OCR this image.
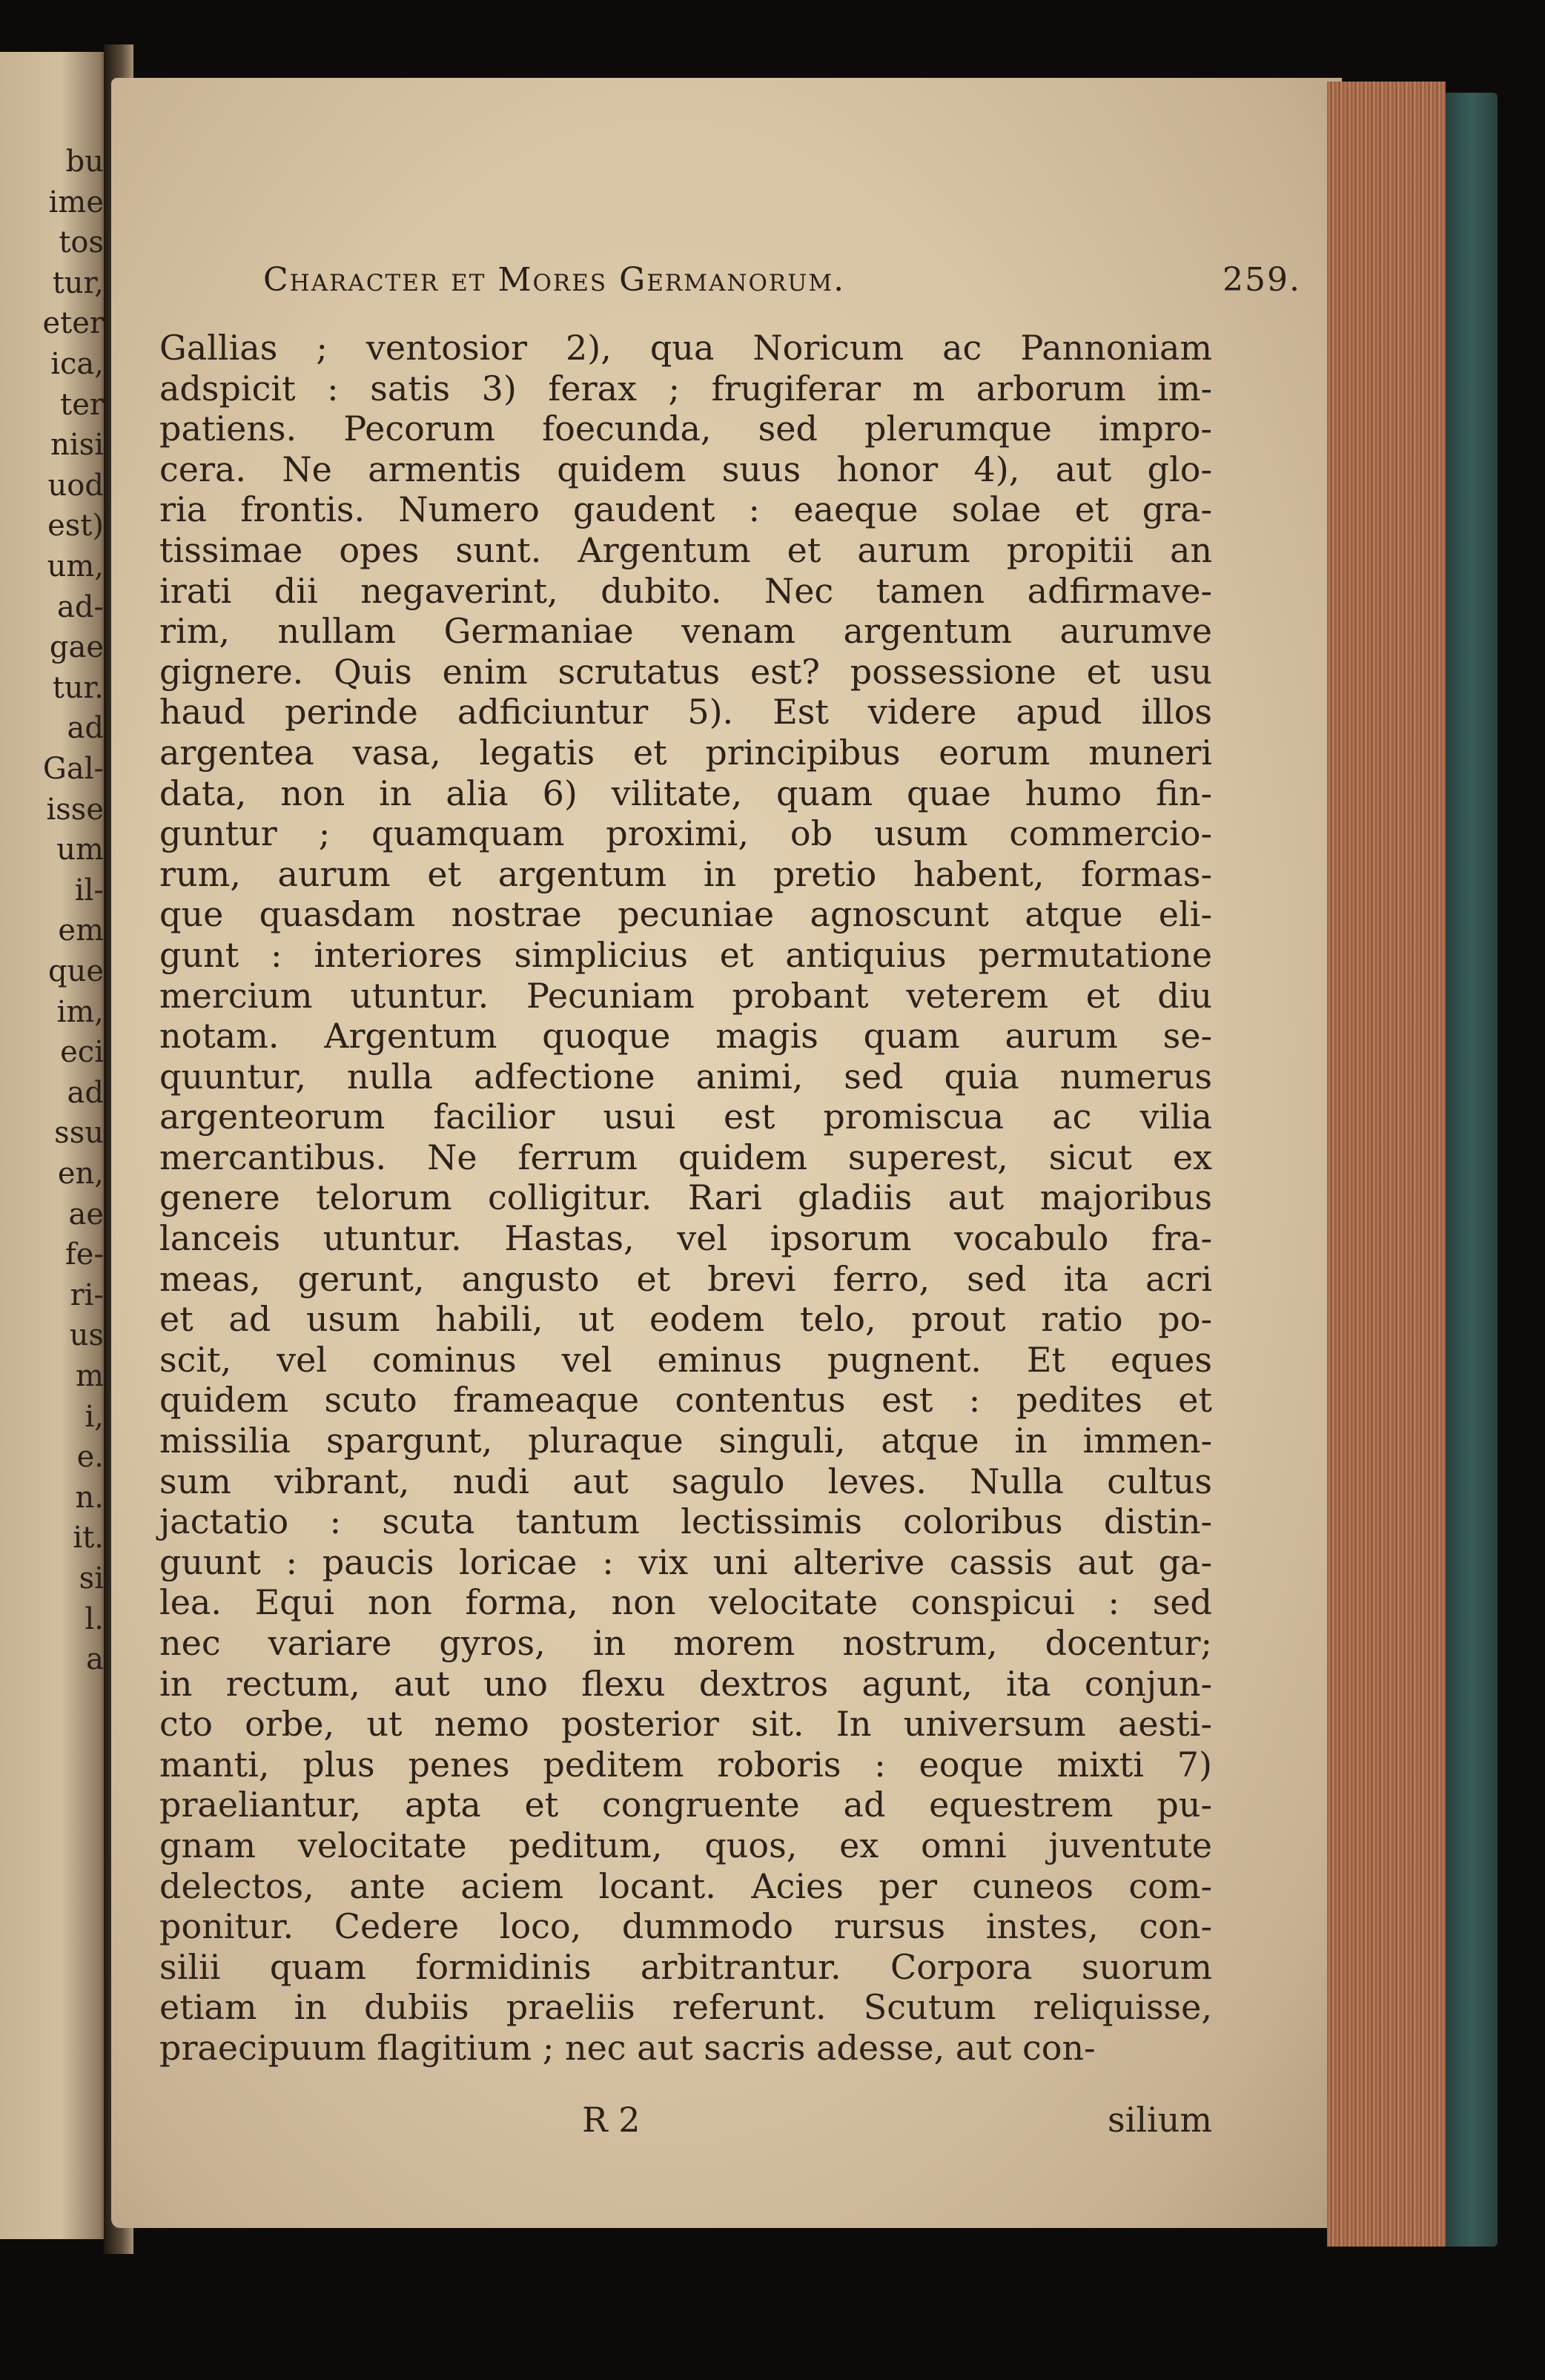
bu
ime
tos
tur,
eter
ica,
ter
nisi
uod
est)
um,
ad-
gae
tur.
ad
Gal-
isse
um
il-
em
que
im,
eci
ad
ssu
en,
ae
fe-
ri-
us
m
i,
e.
n.
it.
si
l.
a
Character et Mores Germanorum.	259.
Gallias ; ventosior 2), qua Noricum ac Pannoniam
adspicit : satis 3) ferax ; frugiferar m arborum im-
patiens. Pecorum foecunda, sed plerumque impro-
cera. Ne armentis quidem suus honor 4), aut glo-
ria frontis. Numero gaudent : eaeque solae et gra-
tissimae opes sunt. Argentum et aurum propitii an
irati dii negaverint, dubito. Nec tamen adfirmave-
rim, nullam Germaniae venam argentum aurumve
gignere. Quis enim scrutatus est? possessione et usu
haud perinde adficiuntur 5). Est videre apud illos
argentea vasa, legatis et principibus eorum muneri
data, non in alia 6) vilitate, quam quae humo fin-
guntur ; quamquam proximi, ob usum commercio-
rum, aurum et argentum in pretio habent, formas-
que quasdam nostrae pecuniae agnoscunt atque eli-
gunt : interiores simplicius et antiquius permutatione
mercium utuntur. Pecuniam probant veterem et diu
notam. Argentum quoque magis quam aurum se-
quuntur, nulla adfectione animi, sed quia numerus
argenteorum facilior usui est promiscua ac vilia
mercantibus. Ne ferrum quidem superest, sicut ex
genere telorum colligitur. Rari gladiis aut majoribus
lanceis utuntur. Hastas, vel ipsorum vocabulo fra-
meas, gerunt, angusto et brevi ferro, sed ita acri
et ad usum habili, ut eodem telo, prout ratio po-
scit, vel cominus vel eminus pugnent. Et eques
quidem scuto frameaque contentus est : pedites et
missilia spargunt, pluraque singuli, atque in immen-
sum vibrant, nudi aut sagulo leves. Nulla cultus
jactatio : scuta tantum lectissimis coloribus distin-
guunt : paucis loricae : vix uni alterive cassis aut ga-
lea. Equi non forma, non velocitate conspicui : sed
nec variare gyros, in morem nostrum, docentur;
in rectum, aut uno flexu dextros agunt, ita conjun-
cto orbe, ut nemo posterior sit. In universum aesti-
manti, plus penes peditem roboris : eoque mixti 7)
praeliantur, apta et congruente ad equestrem pu-
gnam velocitate peditum, quos, ex omni juventute
delectos, ante aciem locant. Acies per cuneos com-
ponitur. Cedere loco, dummodo rursus instes, con-
silii quam formidinis arbitrantur. Corpora suorum
etiam in dubiis praeliis referunt. Scutum reliquisse,
praecipuum flagitium ; nec aut sacris adesse, aut con-
R 2	silium
